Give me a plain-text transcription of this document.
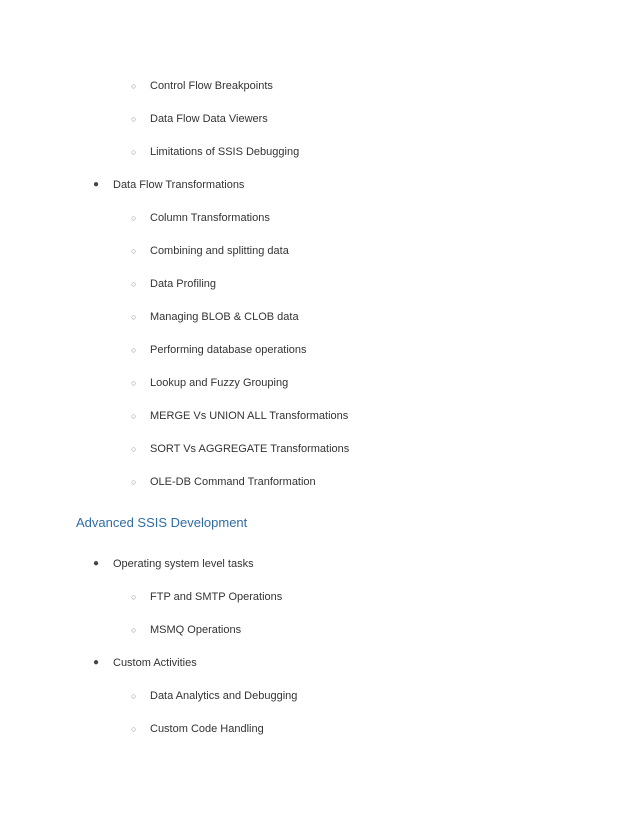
○ Control Flow Breakpoints
○ Data Flow Data Viewers
○ Limitations of SSIS Debugging
● Data Flow Transformations
○ Column Transformations
○ Combining and splitting data
○ Data Profiling
○ Managing BLOB & CLOB data
○ Performing database operations
○ Lookup and Fuzzy Grouping
○ MERGE Vs UNION ALL Transformations
○ SORT Vs AGGREGATE Transformations
○ OLE-DB Command Tranformation
Advanced SSIS Development
● Operating system level tasks
○ FTP and SMTP Operations
○ MSMQ Operations
● Custom Activities
○ Data Analytics and Debugging
○ Custom Code Handling
